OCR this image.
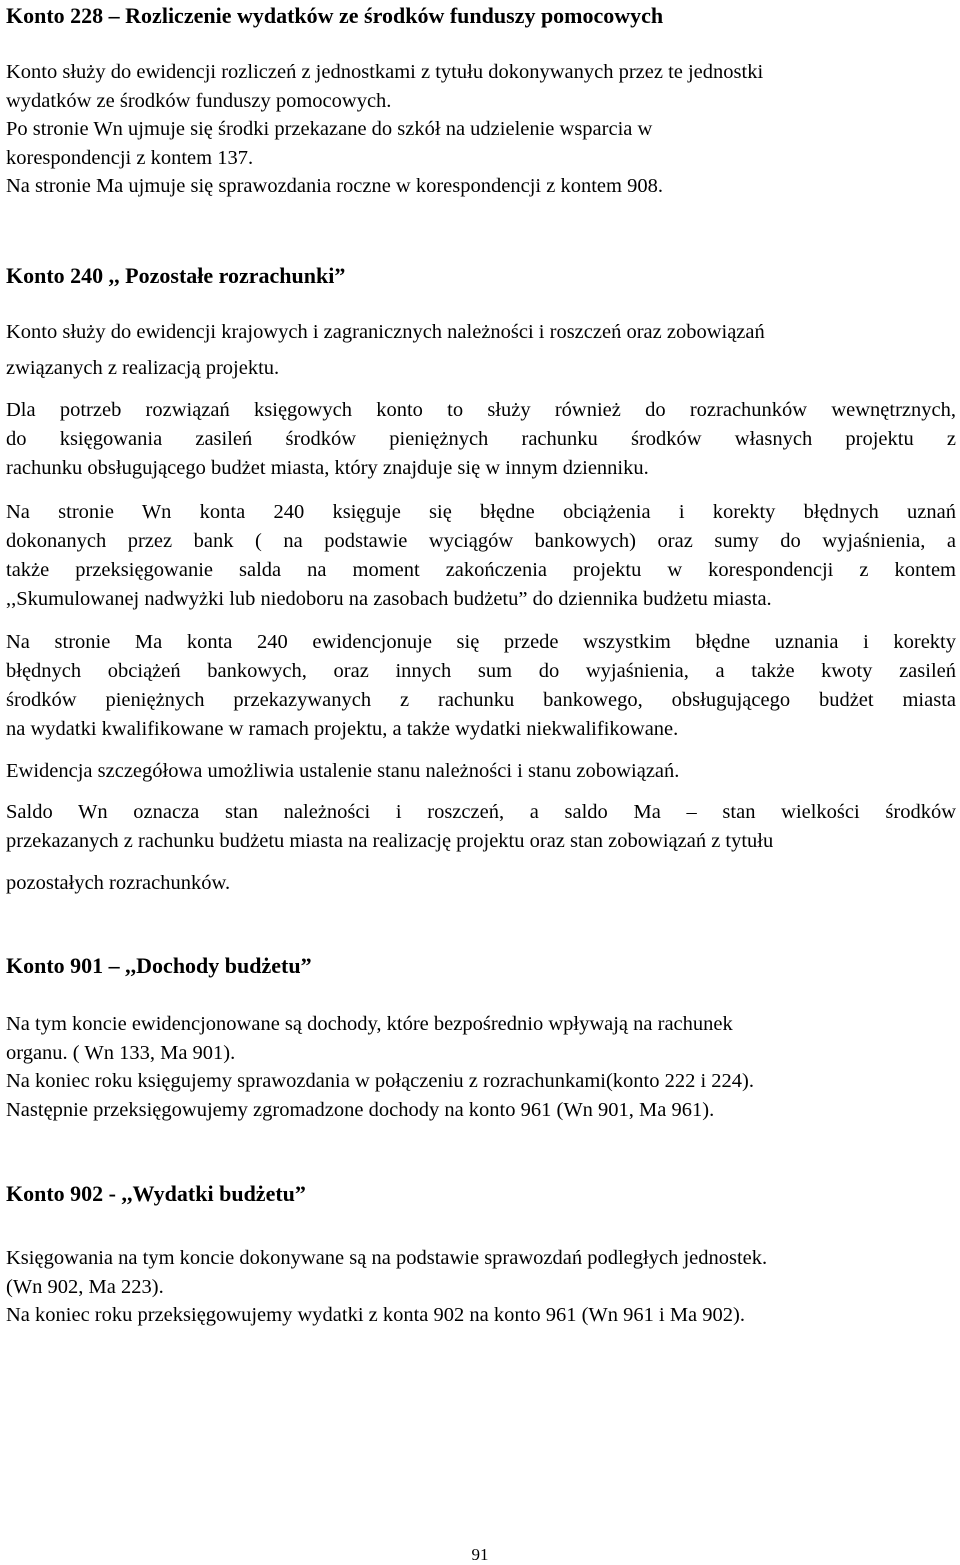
Konto 228 – Rozliczenie wydatków ze środków funduszy pomocowych
Konto służy do ewidencji rozliczeń z jednostkami z tytułu dokonywanych przez te jednostki
wydatków ze środków funduszy pomocowych.
Po stronie Wn ujmuje się środki przekazane do szkół na udzielenie wsparcia w
korespondencji z kontem 137.
Na stronie Ma ujmuje się sprawozdania roczne w korespondencji z kontem 908.
Konto 240 ,, Pozostałe rozrachunki”
Konto służy do ewidencji krajowych i zagranicznych należności i roszczeń oraz zobowiązań
związanych z realizacją projektu.
Dla potrzeb rozwiązań księgowych konto to służy również do rozrachunków wewnętrznych,
do księgowania zasileń środków pieniężnych rachunku środków własnych projektu z
rachunku obsługującego budżet miasta, który znajduje się w innym dzienniku.
Na stronie Wn konta 240 księguje się błędne obciążenia i korekty błędnych uznań
dokonanych przez bank ( na podstawie wyciągów bankowych) oraz sumy do wyjaśnienia, a
także przeksięgowanie salda na moment zakończenia projektu w korespondencji z kontem
,,Skumulowanej nadwyżki lub niedoboru na zasobach budżetu” do dziennika budżetu miasta.
Na stronie Ma konta 240 ewidencjonuje się przede wszystkim błędne uznania i korekty
błędnych obciążeń bankowych, oraz innych sum do wyjaśnienia, a także kwoty zasileń
środków pieniężnych przekazywanych z rachunku bankowego, obsługującego budżet miasta
na wydatki kwalifikowane w ramach projektu, a także wydatki niekwalifikowane.
Ewidencja szczegółowa umożliwia ustalenie stanu należności i stanu zobowiązań.
Saldo Wn oznacza stan należności i roszczeń, a saldo Ma – stan wielkości środków
przekazanych z rachunku budżetu miasta na realizację projektu oraz stan zobowiązań z tytułu
pozostałych rozrachunków.
Konto 901 – ,,Dochody budżetu”
Na tym koncie ewidencjonowane są dochody, które bezpośrednio wpływają na rachunek
organu. ( Wn 133, Ma 901).
Na koniec roku księgujemy sprawozdania w połączeniu z rozrachunkami(konto 222 i 224).
Następnie przeksięgowujemy zgromadzone dochody na konto 961 (Wn 901, Ma 961).
Konto 902 - ,,Wydatki budżetu”
Księgowania na tym koncie dokonywane są na podstawie sprawozdań podległych jednostek.
(Wn 902, Ma 223).
Na koniec roku przeksięgowujemy wydatki z konta 902 na konto 961 (Wn 961 i Ma 902).
91
